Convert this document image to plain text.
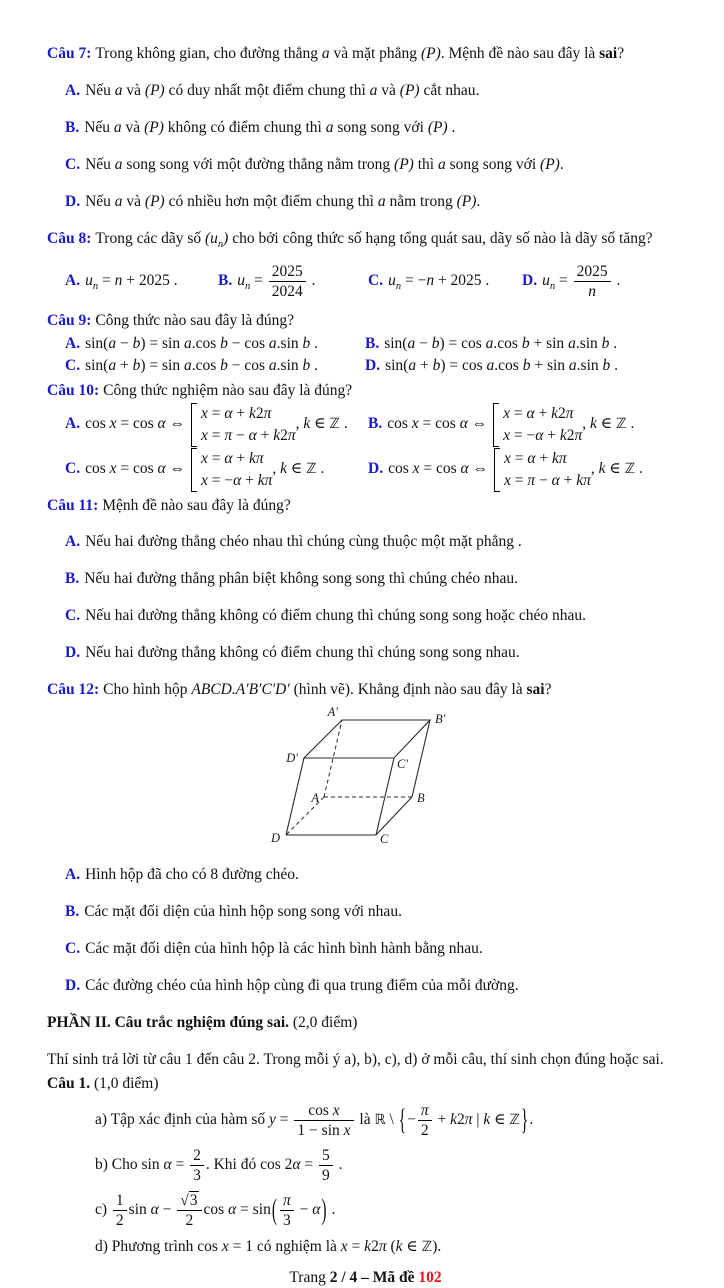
Câu 7: Trong không gian, cho đường thẳng a và mặt phẳng (P). Mệnh đề nào sau đây là sai?

A. Nếu a và (P) có duy nhất một điểm chung thì a và (P) cắt nhau.

B. Nếu a và (P) không có điểm chung thì a song song với (P) .

C. Nếu a song song với một đường thẳng nằm trong (P) thì a song song với (P).

D. Nếu a và (P) có nhiều hơn một điểm chung thì a nằm trong (P).

Câu 8: Trong các dãy số $(u_n)$ cho bởi công thức số hạng tổng quát sau, dãy số nào là dãy số tăng?

A. $u_n = n + 2025$ .	B. $u_n = \frac{2025}{2024}$ .	C. $u_n = -n + 2025$ .	D. $u_n = \frac{2025}{n}$ .

Câu 9: Công thức nào sau đây là đúng?

A. sin(a − b) = sin a.cos b − cos a.sin b .	B. sin(a − b) = cos a.cos b + sin a.sin b .
C. sin(a + b) = sin a.cos b − cos a.sin b .	D. sin(a + b) = cos a.cos b + sin a.sin b .

Câu 10: Công thức nghiệm nào sau đây là đúng?

A. cos x = cos α ⇔
x = α + k2π
x = π − α + k2π
, k ∈ ℤ .	B. cos x = cos α ⇔
x = α + k2π
x = −α + k2π
, k ∈ ℤ .
C. cos x = cos α ⇔
x = α + kπ
x = −α + kπ
, k ∈ ℤ .	D. cos x = cos α ⇔
x = α + kπ
x = π − α + kπ
, k ∈ ℤ .

Câu 11: Mệnh đề nào sau đây là đúng?

A. Nếu hai đường thẳng chéo nhau thì chúng cùng thuộc một mặt phẳng .

B. Nếu hai đường thẳng phân biệt không song song thì chúng chéo nhau.

C. Nếu hai đường thẳng không có điểm chung thì chúng song song hoặc chéo nhau.

D. Nếu hai đường thẳng không có điểm chung thì chúng song song nhau.

Câu 12: Cho hình hộp ABCD.A′B′C′D′ (hình vẽ). Khẳng định nào sau đây là sai?

A′	B′
D′	C′
A	B
D	C

A. Hình hộp đã cho có 8 đường chéo.

B. Các mặt đối diện của hình hộp song song với nhau.

C. Các mặt đối diện của hình hộp là các hình bình hành bằng nhau.

D. Các đường chéo của hình hộp cùng đi qua trung điểm của mỗi đường.

PHẦN II. Câu trắc nghiệm đúng sai. (2,0 điểm)

Thí sinh trả lời từ câu 1 đến câu 2. Trong mỗi ý a), b), c), d) ở mỗi câu, thí sinh chọn đúng hoặc sai.

Câu 1. (1,0 điểm)

a) Tập xác định của hàm số $y = \frac{\text{cos x}}{\text{1 − sin x}}$ là ℝ \ {− $\frac{\pi}{2} + k2\pi$ | k ∈ ℤ}.

b) Cho $\sin \alpha = \frac{2}{3}$ . Khi đó $\cos 2\alpha = \frac{5}{9}$ .

$c) \frac{1}{2}$ $\sin \alpha - \frac{√3}{2}$ $\cos \alpha = \sin( \frac{\pi}{3} - \alpha)$ .

d) Phương trình cos x = 1 có nghiệm là x = k2π (k ∈ ℤ).

Trang 2 / 4 – Mã đề 102
